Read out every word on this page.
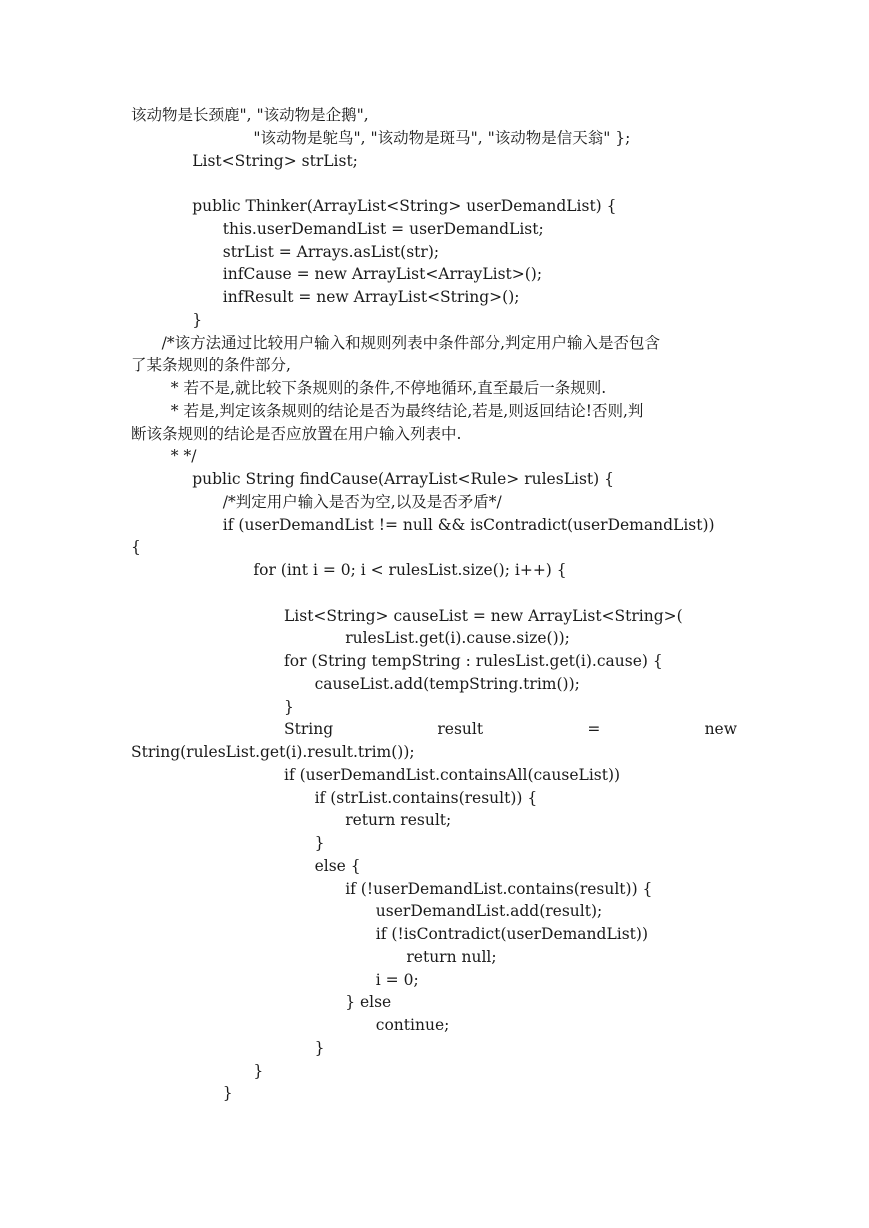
该动物是长颈鹿", "该动物是企鹅",
"该动物是鸵鸟", "该动物是斑马", "该动物是信天翁" };
List<String> strList;
public Thinker(ArrayList<String> userDemandList) {
this.userDemandList = userDemandList;
strList = Arrays.asList(str);
infCause = new ArrayList<ArrayList>();
infResult = new ArrayList<String>();
}
/*该方法通过比较用户输入和规则列表中条件部分,判定用户输入是否包含
了某条规则的条件部分,
* 若不是,就比较下条规则的条件,不停地循环,直至最后一条规则.
* 若是,判定该条规则的结论是否为最终结论,若是,则返回结论!否则,判
断该条规则的结论是否应放置在用户输入列表中.
* */
public String findCause(ArrayList<Rule> rulesList) {
/*判定用户输入是否为空,以及是否矛盾*/
if (userDemandList != null && isContradict(userDemandList))
{
for (int i = 0; i < rulesList.size(); i++) {
List<String> causeList = new ArrayList<String>(
rulesList.get(i).cause.size());
for (String tempString : rulesList.get(i).cause) {
causeList.add(tempString.trim());
}
String result = new
String(rulesList.get(i).result.trim());
if (userDemandList.containsAll(causeList))
if (strList.contains(result)) {
return result;
}
else {
if (!userDemandList.contains(result)) {
userDemandList.add(result);
if (!isContradict(userDemandList))
return null;
i = 0;
} else
continue;
}
}
}
